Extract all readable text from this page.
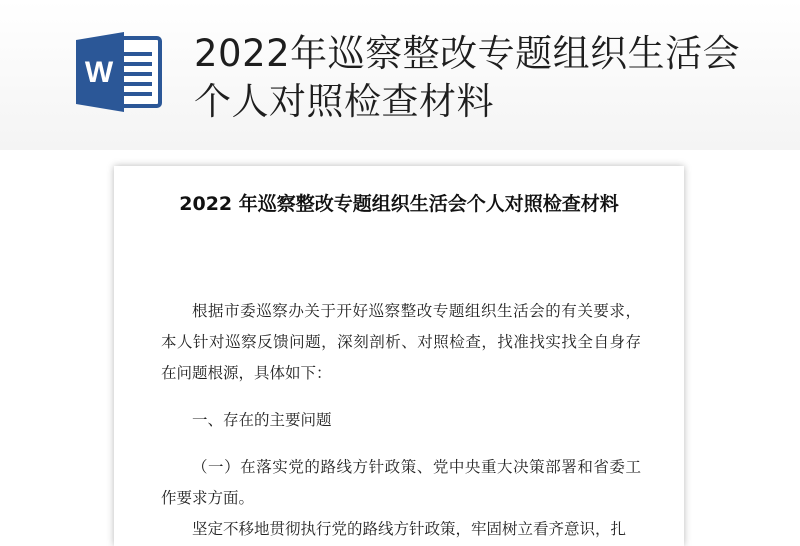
W 2022年巡察整改专题组织生活会个人对照检查材料
2022 年巡察整改专题组织生活会个人对照检查材料

根据市委巡察办关于开好巡察整改专题组织生活会的有关要求，本人针对巡察反馈问题，深刻剖析、对照检查，找准找实找全自身存在问题根源，具体如下：

一、存在的主要问题

（一）在落实党的路线方针政策、党中央重大决策部署和省委工作要求方面。

坚定不移地贯彻执行党的路线方针政策，牢固树立看齐意识，扎
